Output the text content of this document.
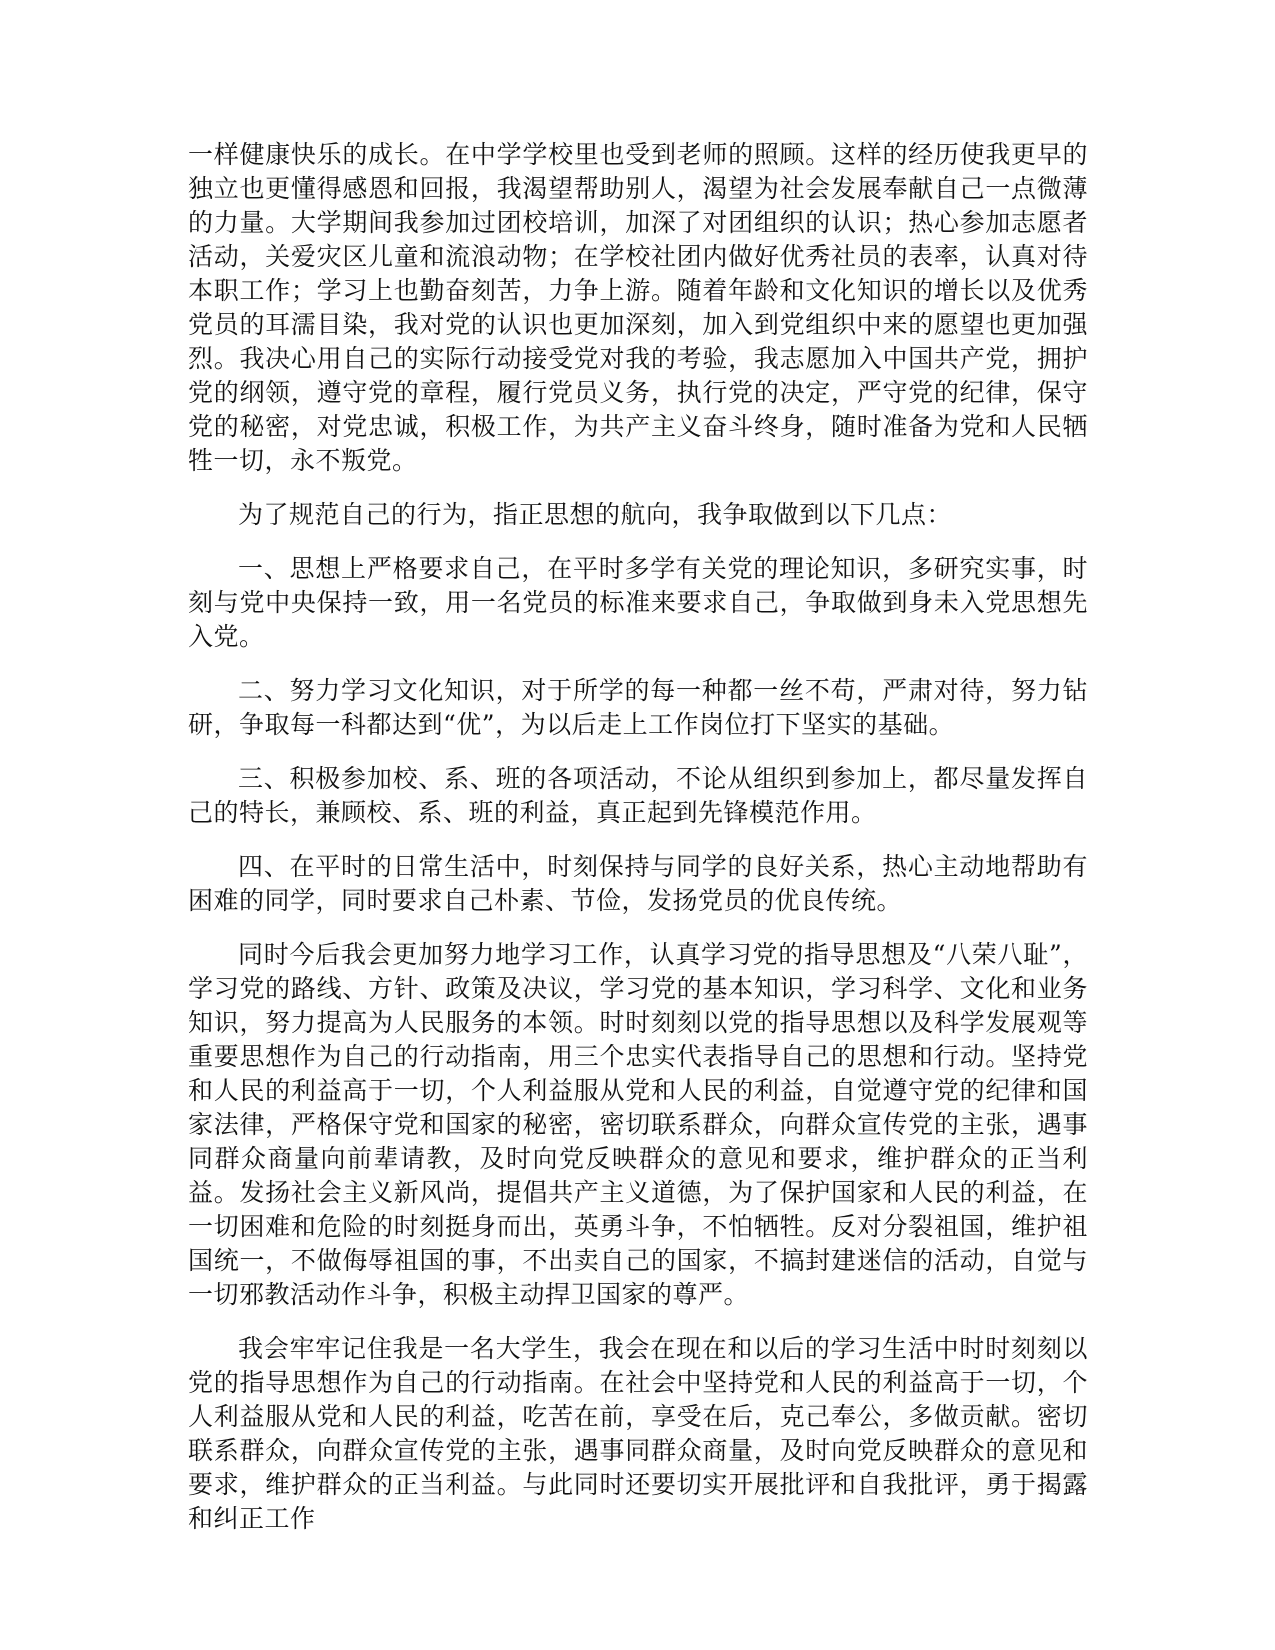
一样健康快乐的成长。在中学学校里也受到老师的照顾。这样的经历使我更早的独立也更懂得感恩和回报，我渴望帮助别人，渴望为社会发展奉献自己一点微薄的力量。大学期间我参加过团校培训，加深了对团组织的认识；热心参加志愿者活动，关爱灾区儿童和流浪动物；在学校社团内做好优秀社员的表率，认真对待本职工作；学习上也勤奋刻苦，力争上游。随着年龄和文化知识的增长以及优秀党员的耳濡目染，我对党的认识也更加深刻，加入到党组织中来的愿望也更加强烈。我决心用自己的实际行动接受党对我的考验，我志愿加入中国共产党，拥护党的纲领，遵守党的章程，履行党员义务，执行党的决定，严守党的纪律，保守党的秘密，对党忠诚，积极工作，为共产主义奋斗终身，随时准备为党和人民牺牲一切，永不叛党。

为了规范自己的行为，指正思想的航向，我争取做到以下几点：

一、思想上严格要求自己，在平时多学有关党的理论知识，多研究实事，时刻与党中央保持一致，用一名党员的标准来要求自己，争取做到身未入党思想先入党。

二、努力学习文化知识，对于所学的每一种都一丝不苟，严肃对待，努力钻研，争取每一科都达到“优”，为以后走上工作岗位打下坚实的基础。

三、积极参加校、系、班的各项活动，不论从组织到参加上，都尽量发挥自己的特长，兼顾校、系、班的利益，真正起到先锋模范作用。

四、在平时的日常生活中，时刻保持与同学的良好关系，热心主动地帮助有困难的同学，同时要求自己朴素、节俭，发扬党员的优良传统。

同时今后我会更加努力地学习工作，认真学习党的指导思想及“八荣八耻”，学习党的路线、方针、政策及决议，学习党的基本知识，学习科学、文化和业务知识，努力提高为人民服务的本领。时时刻刻以党的指导思想以及科学发展观等重要思想作为自己的行动指南，用三个忠实代表指导自己的思想和行动。坚持党和人民的利益高于一切，个人利益服从党和人民的利益，自觉遵守党的纪律和国家法律，严格保守党和国家的秘密，密切联系群众，向群众宣传党的主张，遇事同群众商量向前辈请教，及时向党反映群众的意见和要求，维护群众的正当利益。发扬社会主义新风尚，提倡共产主义道德，为了保护国家和人民的利益，在一切困难和危险的时刻挺身而出，英勇斗争，不怕牺牲。反对分裂祖国，维护祖国统一，不做侮辱祖国的事，不出卖自己的国家，不搞封建迷信的活动，自觉与一切邪教活动作斗争，积极主动捍卫国家的尊严。

我会牢牢记住我是一名大学生，我会在现在和以后的学习生活中时时刻刻以党的指导思想作为自己的行动指南。在社会中坚持党和人民的利益高于一切，个人利益服从党和人民的利益，吃苦在前，享受在后，克己奉公，多做贡献。密切联系群众，向群众宣传党的主张，遇事同群众商量，及时向党反映群众的意见和要求，维护群众的正当利益。与此同时还要切实开展批评和自我批评，勇于揭露和纠正工作
